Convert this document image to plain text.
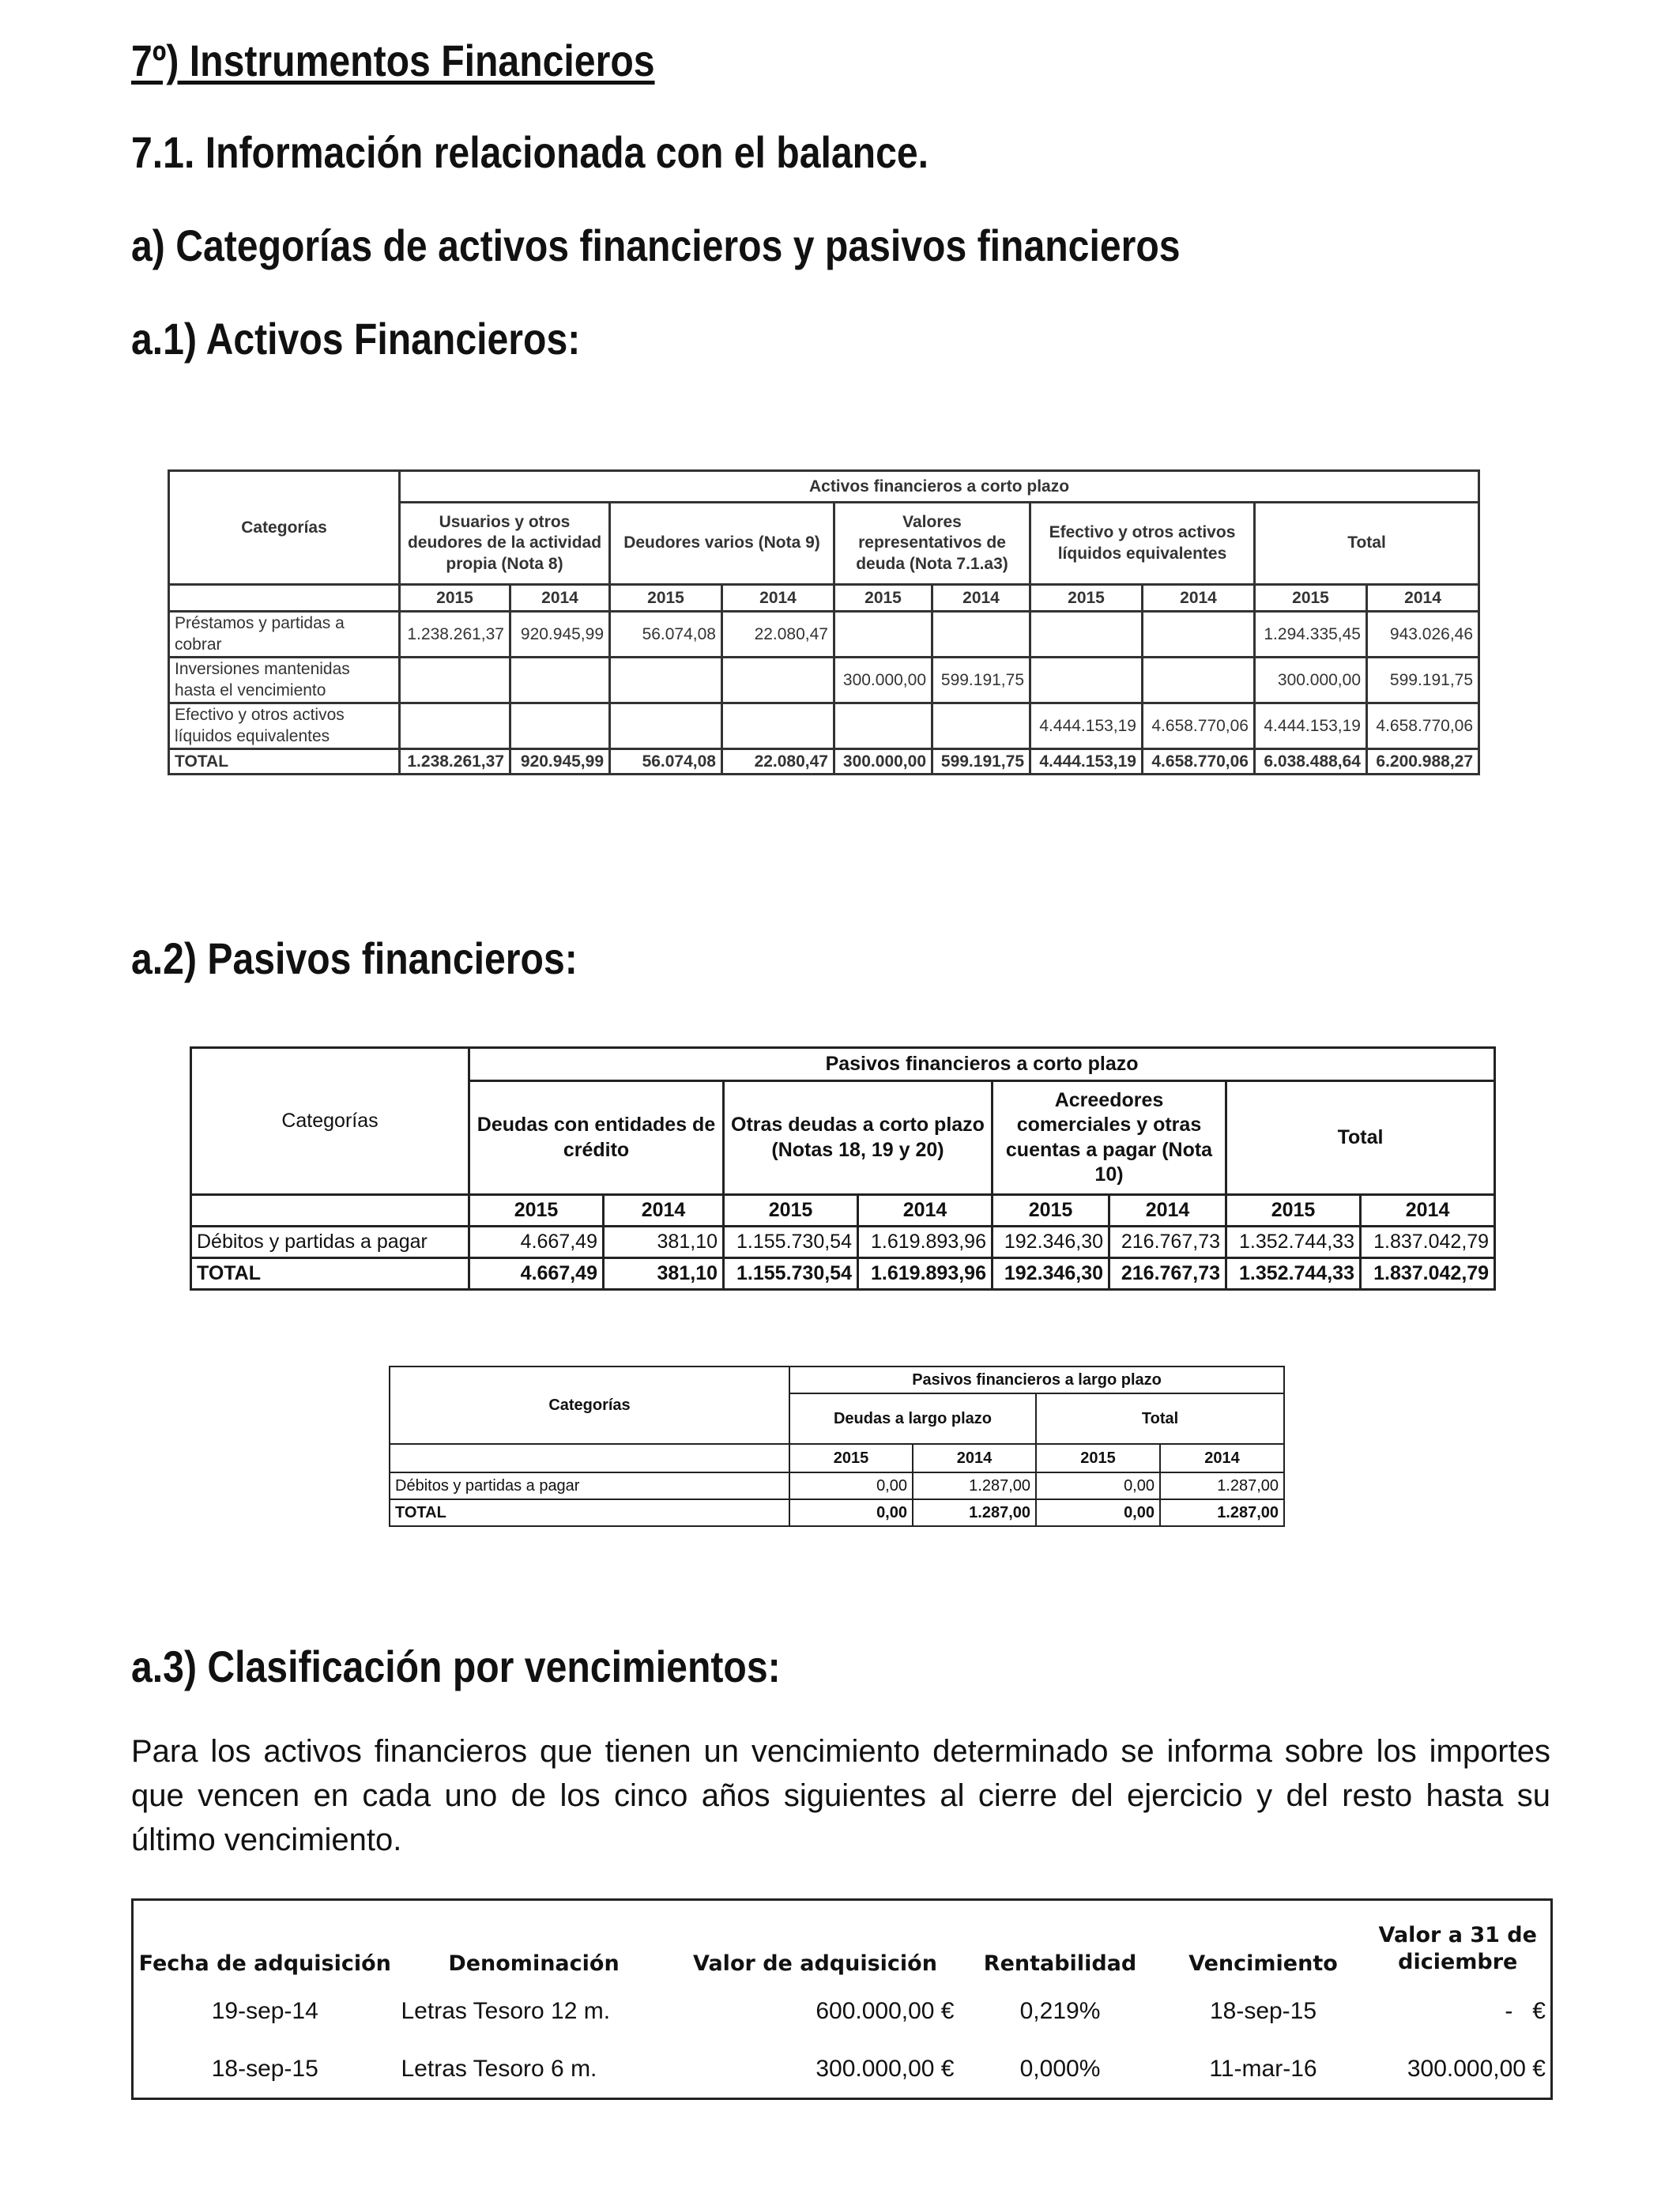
7º) Instrumentos Financieros
7.1. Información relacionada con el balance.
a) Categorías de activos financieros y pasivos financieros
a.1) Activos Financieros:
Categorías	Activos financieros a corto plazo									
	Usuarios y otros deudores de la actividad propia (Nota 8)		Deudores varios (Nota 9)		Valores representativos de deuda (Nota 7.1.a3)		Efectivo y otros activos líquidos equivalentes		Total	
	2015	2014	2015	2014	2015	2014	2015	2014	2015	2014
Préstamos y partidas a cobrar	1.238.261,37	920.945,99	56.074,08	22.080,47					1.294.335,45	943.026,46
Inversiones mantenidas hasta el vencimiento					300.000,00	599.191,75			300.000,00	599.191,75
Efectivo y otros activos líquidos equivalentes							4.444.153,19	4.658.770,06	4.444.153,19	4.658.770,06
TOTAL	1.238.261,37	920.945,99	56.074,08	22.080,47	300.000,00	599.191,75	4.444.153,19	4.658.770,06	6.038.488,64	6.200.988,27
a.2) Pasivos financieros:
Categorías	Pasivos financieros a corto plazo							
	Deudas con entidades de crédito		Otras deudas a corto plazo (Notas 18, 19 y 20)		Acreedores comerciales y otras cuentas a pagar (Nota 10)		Total	
	2015	2014	2015	2014	2015	2014	2015	2014
Débitos y partidas a pagar	4.667,49	381,10	1.155.730,54	1.619.893,96	192.346,30	216.767,73	1.352.744,33	1.837.042,79
TOTAL	4.667,49	381,10	1.155.730,54	1.619.893,96	192.346,30	216.767,73	1.352.744,33	1.837.042,79
Categorías	Pasivos financieros a largo plazo			
	Deudas a largo plazo		Total	
	2015	2014	2015	2014
Débitos y partidas a pagar	0,00	1.287,00	0,00	1.287,00
TOTAL	0,00	1.287,00	0,00	1.287,00
a.3) Clasificación por vencimientos:

Para los activos financieros que tienen un vencimiento determinado se informa sobre los importes que vencen en cada uno de los cinco años siguientes al cierre del ejercicio y del resto hasta su último vencimiento.

Fecha de adquisición	Denominación	Valor de adquisición	Rentabilidad	Vencimiento	Valor a 31 de diciembre
19-sep-14	Letras Tesoro 12 m.	600.000,00 €	0,219%	18-sep-15	-   €
18-sep-15	Letras Tesoro 6 m.	300.000,00 €	0,000%	11-mar-16	300.000,00 €
